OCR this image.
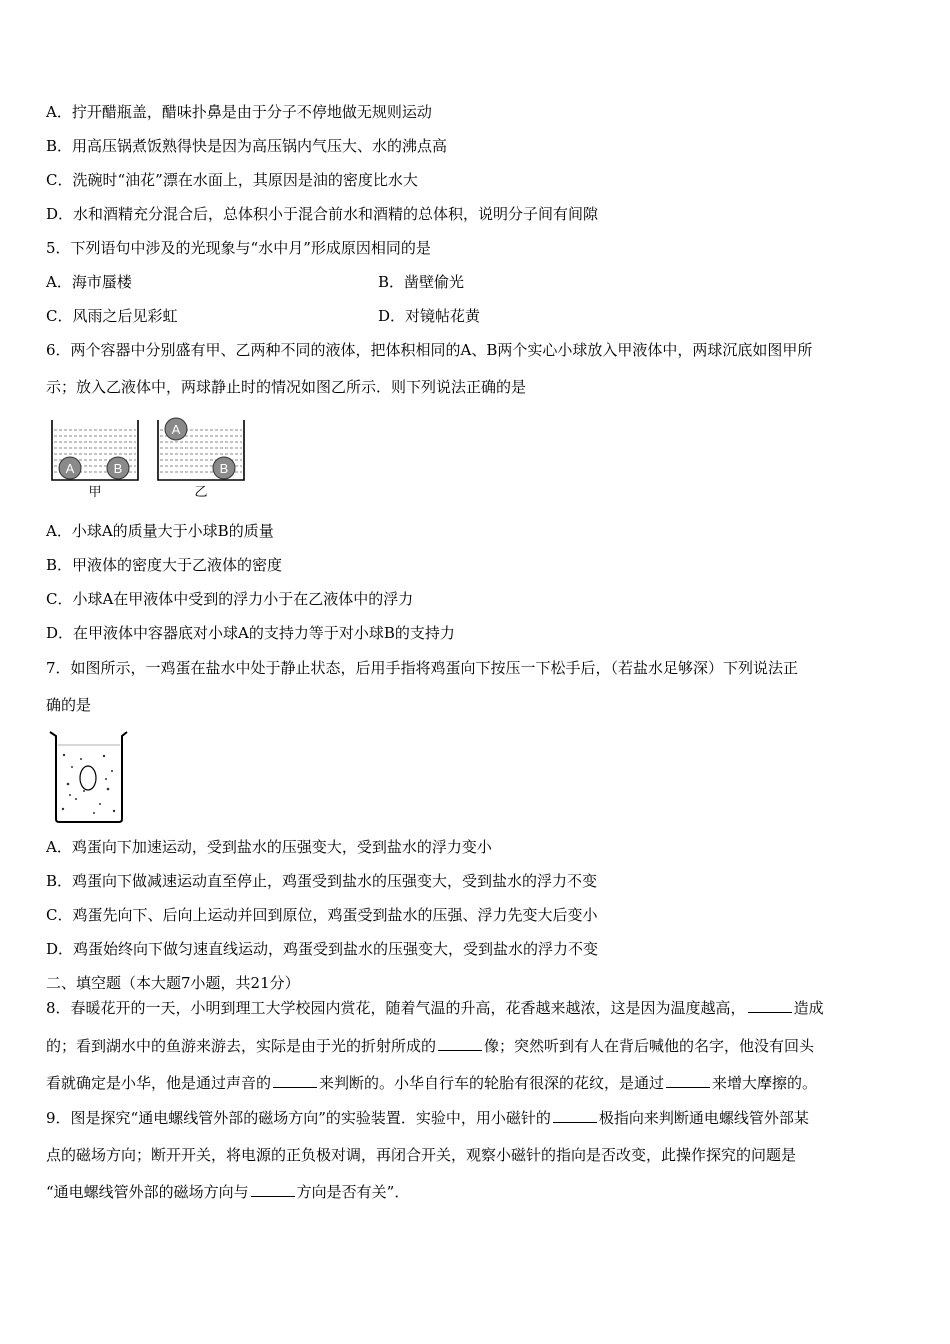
A．拧开醋瓶盖，醋味扑鼻是由于分子不停地做无规则运动
B．用高压锅煮饭熟得快是因为高压锅内气压大、水的沸点高
C．洗碗时“油花”漂在水面上，其原因是油的密度比水大
D．水和酒精充分混合后，总体积小于混合前水和酒精的总体积，说明分子间有间隙
5．下列语句中涉及的光现象与“水中月”形成原因相同的是
A．海市蜃楼	B．凿壁偷光
C．风雨之后见彩虹	D．对镜帖花黄
6．两个容器中分别盛有甲、乙两种不同的液体，把体积相同的A、B两个实心小球放入甲液体中，两球沉底如图甲所
示；放入乙液体中，两球静止时的情况如图乙所示．则下列说法正确的是
A	B
A
B
甲	乙
A．小球A的质量大于小球B的质量
B．甲液体的密度大于乙液体的密度
C．小球A在甲液体中受到的浮力小于在乙液体中的浮力
D．在甲液体中容器底对小球A的支持力等于对小球B的支持力
7．如图所示，一鸡蛋在盐水中处于静止状态，后用手指将鸡蛋向下按压一下松手后，（若盐水足够深）下列说法正
确的是
A．鸡蛋向下加速运动，受到盐水的压强变大，受到盐水的浮力变小
B．鸡蛋向下做减速运动直至停止，鸡蛋受到盐水的压强变大，受到盐水的浮力不变
C．鸡蛋先向下、后向上运动并回到原位，鸡蛋受到盐水的压强、浮力先变大后变小
D．鸡蛋始终向下做匀速直线运动，鸡蛋受到盐水的压强变大，受到盐水的浮力不变
二、填空题（本大题7小题，共21分）
8．春暖花开的一天，小明到理工大学校园内赏花，随着气温的升高，花香越来越浓，这是因为温度越高，	造成
的；看到湖水中的鱼游来游去，实际是由于光的折射所成的	像；突然听到有人在背后喊他的名字，他没有回头
看就确定是小华，他是通过声音的	来判断的。小华自行车的轮胎有很深的花纹，是通过	来增大摩擦的。
9．图是探究“通电螺线管外部的磁场方向”的实验装置．实验中，用小磁针的	极指向来判断通电螺线管外部某
点的磁场方向；断开开关，将电源的正负极对调，再闭合开关，观察小磁针的指向是否改变，此操作探究的问题是
“通电螺线管外部的磁场方向与	方向是否有关”．
